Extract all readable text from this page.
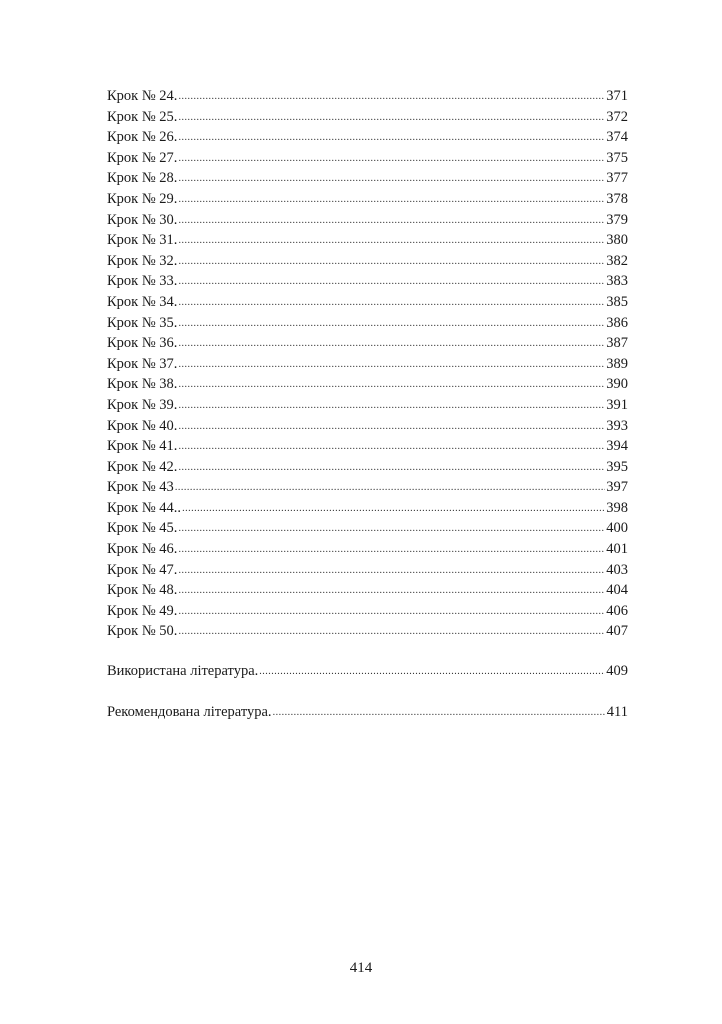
Крок № 24. .....	371
Крок № 25. .....	372
Крок № 26. .....	374
Крок № 27. .....	375
Крок № 28. .....	377
Крок № 29. .....	378
Крок № 30. .....	379
Крок № 31. .....	380
Крок № 32. .....	382
Крок № 33. .....	383
Крок № 34. .....	385
Крок № 35. .....	386
Крок № 36. .....	387
Крок № 37. .....	389
Крок № 38. .....	390
Крок № 39. .....	391
Крок № 40. .....	393
Крок № 41. .....	394
Крок № 42. .....	395
Крок № 43 .....	397
Крок № 44.. .....	398
Крок № 45. .....	400
Крок № 46. .....	401
Крок № 47. .....	403
Крок № 48. .....	404
Крок № 49. .....	406
Крок № 50. .....	407
Використана література. .....	409
Рекомендована література. .....	411
414
